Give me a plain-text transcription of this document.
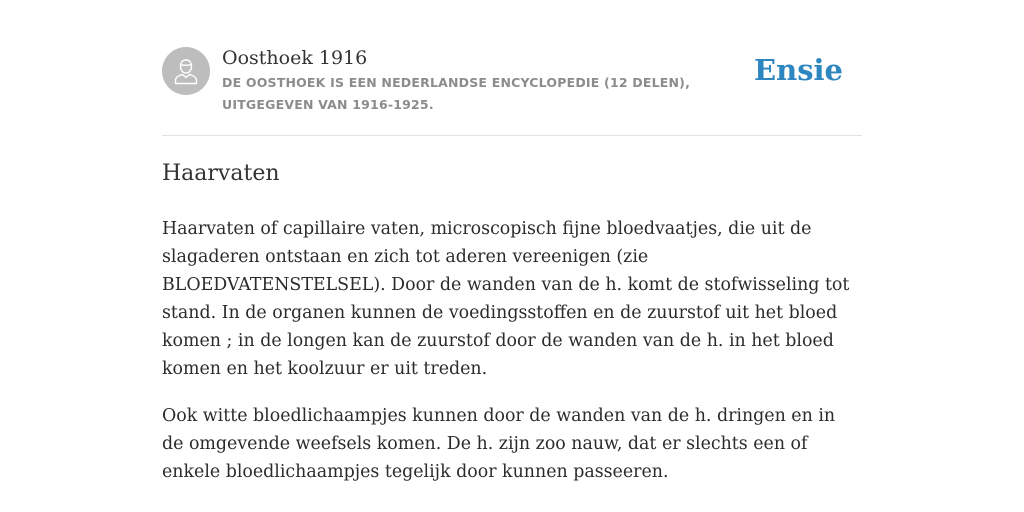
Oosthoek 1916
DE OOSTHOEK IS EEN NEDERLANDSE ENCYCLOPEDIE (12 DELEN), UITGEGEVEN VAN 1916-1925.
Ensie
Haarvaten

Haarvaten of capillaire vaten, microscopisch fijne bloedvaatjes, die uit de slagaderen ontstaan en zich tot aderen vereenigen (zie BLOEDVATENSTELSEL). Door de wanden van de h. komt de stofwisseling tot stand. In de organen kunnen de voedingsstoffen en de zuurstof uit het bloed komen ; in de longen kan de zuurstof door de wanden van de h. in het bloed komen en het koolzuur er uit treden.

Ook witte bloedlichaampjes kunnen door de wanden van de h. dringen en in de omgevende weefsels komen. De h. zijn zoo nauw, dat er slechts een of enkele bloedlichaampjes tegelijk door kunnen passeeren.
